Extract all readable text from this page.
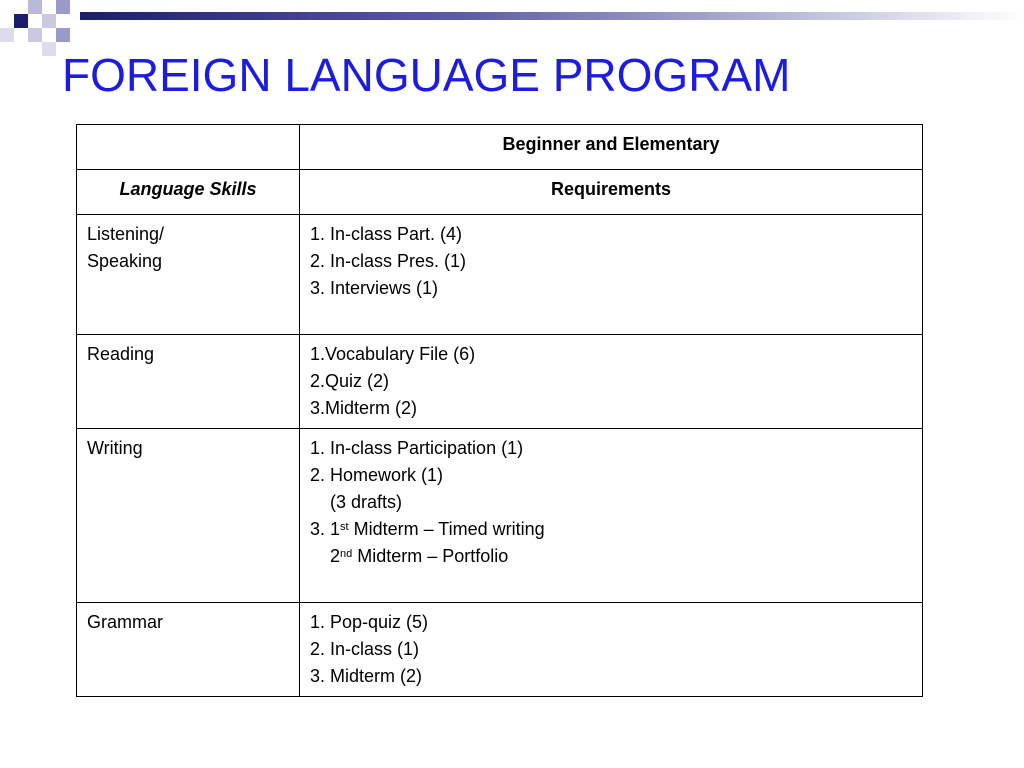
FOREIGN LANGUAGE PROGRAM
	Beginner and Elementary
Language Skills	Requirements

Listening/
Speaking	1. In-class Part. (4)
2. In-class Pres. (1)
3. Interviews (1)

Reading	1.Vocabulary File (6)
2.Quiz (2)
3.Midterm (2)

Writing	1. In-class Participation (1)
2. Homework (1)
(3 drafts)
3. 1st Midterm – Timed writing
2nd Midterm – Portfolio

Grammar	1. Pop-quiz (5)
2. In-class (1)
3. Midterm (2)
